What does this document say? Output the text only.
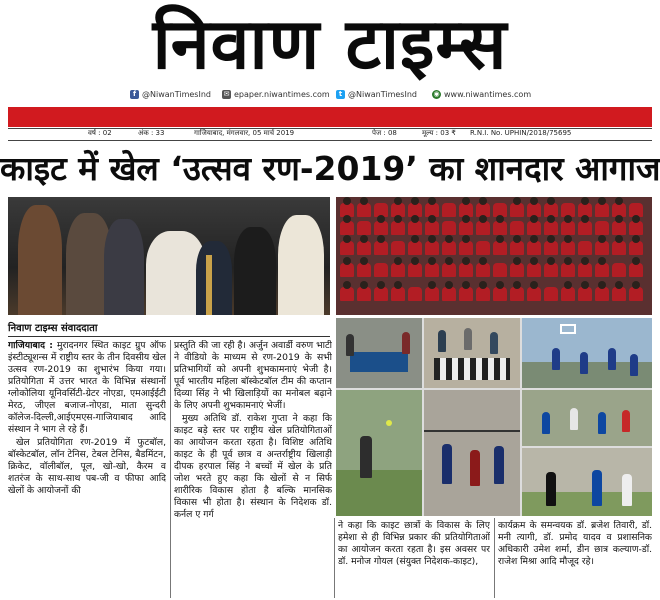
निवाण टाइम्स
f @NiwanTimesInd ✉ epaper.niwantimes.com	t @NiwanTimesInd ◉ www.niwantimes.com
वर्ष : 02	अंक : 33	गाजियाबाद, मंगलवार, 05 मार्च 2019	पेज : 08	मूल्य : 03 ₹ R.N.I. No. UPHIN/2018/75695
काइट में खेल ‘उत्सव रण-2019’ का शानदार आगाज
निवाण टाइम्स संवाददाता

गाजियाबाद : मुरादनगर स्थित काइट ग्रुप ऑफ इंस्टीट्यूशन्स में राष्ट्रीय स्तर के तीन दिवसीय खेल उत्सव रण-2019 का शुभारंभ किया गया। प्रतियोगिता में उत्तर भारत के विभिन्न संस्थानों ग्लोकोलिया यूनिवर्सिटी-ग्रेटर नोएडा, एमआईईटी मेरठ, जीएल बजाज-नोएडा, माता सुन्दरी कॉलेज-दिल्ली,आईएमएस-गाजियाबाद आदि संस्थान ने भाग ले रहे हैं।

खेल प्रतियोगिता रण-2019 में फुटबॉल, बॉस्केटबॉल, लॉन टेनिस, टेबल टेनिस, बैडमिंटन, क्रिकेट, वॉलीबॉल, पूल, खो-खो, कैरम व शतरंज के साथ-साथ पब-जी व फीफा आदि खेलों के आयोजनों की

प्रस्तुति की जा रही है। अर्जुन अवार्डी वरुण भाटी ने वीडियो के माध्यम से रण-2019 के सभी प्रतिभागियों को अपनी शुभकामनाएं भेजी है। पूर्व भारतीय महिला बॉस्केटबॉल टीम की कप्तान दिव्या सिंह ने भी खिलाड़ियों का मनोबल बढ़ाने के लिए अपनी शुभकामनाएं भेजीं।

मुख्य अतिथि डॉ. राकेश गुप्ता ने कहा कि काइट बड़े स्तर पर राष्ट्रीय खेल प्रतियोगिताओं का आयोजन करता रहता है। विशिष्ट अतिथि काइट के ही पूर्व छात्र व अन्तर्राष्ट्रीय खिलाड़ी दीपक हरपाल सिंह ने बच्चों में खेल के प्रति जोश भरते हुए कहा कि खेलों से न सिर्फ शारीरिक विकास होता है बल्कि मानसिक विकास भी होता है। संस्थान के निदेशक डॉ. कर्नल ए गर्ग

ने कहा कि काइट छात्रों के विकास के लिए हमेशा से ही विभिन्न प्रकार की प्रतियोगिताओं का आयोजन करता रहता है। इस अवसर पर डॉ. मनोज गोयल (संयुक्त निदेशक-काइट),

कार्यक्रम के समन्वयक डॉ. ब्रजेश तिवारी, डॉ. मनी त्यागी, डॉ. प्रमोद यादव व प्रशासनिक अधिकारी उमेश शर्मा, डीन छात्र कल्याण-डॉ. राजेश मिश्रा आदि मौजूद रहे।
